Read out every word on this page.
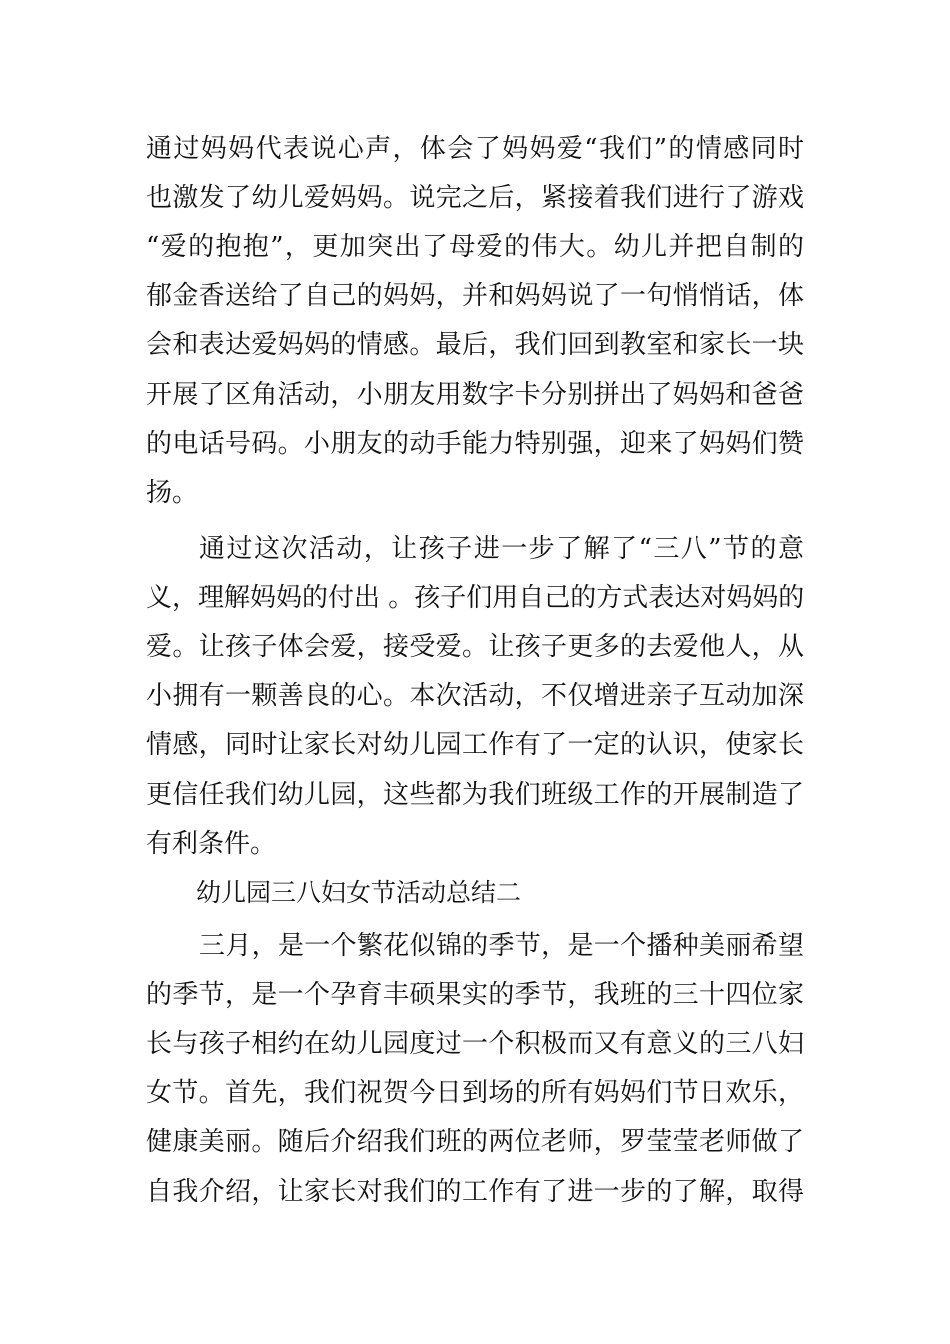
通过妈妈代表说心声，体会了妈妈爱“我们”的情感同时
也激发了幼儿爱妈妈。说完之后，紧接着我们进行了游戏
“爱的抱抱”，更加突出了母爱的伟大。幼儿并把自制的
郁金香送给了自己的妈妈，并和妈妈说了一句悄悄话，体
会和表达爱妈妈的情感。最后，我们回到教室和家长一块
开展了区角活动，小朋友用数字卡分别拼出了妈妈和爸爸
的电话号码。小朋友的动手能力特别强，迎来了妈妈们赞
扬。
通过这次活动，让孩子进一步了解了“三八”节的意
义，理解妈妈的付出 。孩子们用自己的方式表达对妈妈的
爱。让孩子体会爱，接受爱。让孩子更多的去爱他人，从
小拥有一颗善良的心。本次活动，不仅增进亲子互动加深
情感，同时让家长对幼儿园工作有了一定的认识，使家长
更信任我们幼儿园，这些都为我们班级工作的开展制造了
有利条件。
幼儿园三八妇女节活动总结二
三月，是一个繁花似锦的季节，是一个播种美丽希望
的季节，是一个孕育丰硕果实的季节，我班的三十四位家
长与孩子相约在幼儿园度过一个积极而又有意义的三八妇
女节。首先，我们祝贺今日到场的所有妈妈们节日欢乐，
健康美丽。随后介绍我们班的两位老师，罗莹莹老师做了
自我介绍，让家长对我们的工作有了进一步的了解，取得
